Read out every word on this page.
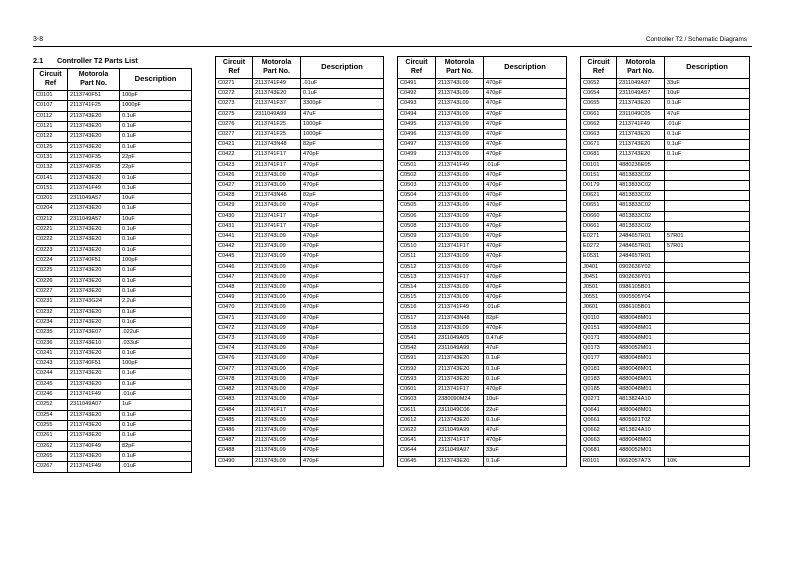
3-8	Controller T2 / Schematic Diagrams
2.1 Controller T2 Parts List
Circuit
Ref	Motorola
Part No.	Description
C0101	2113740F51	100pF
C0107	2113741F25	1000pF
C0112	2113743E20	0.1uF
C0121	2113743E20	0.1uF
C0122	2113743E20	0.1uF
C0125	2113743E20	0.1uF
C0131	2113740F35	22pF
C0132	2113740F35	22pF
C0141	2113743E20	0.1uF
C0151	2113741F49	0.1uF
C0201	2311049A57	10uF
C0204	2113743E20	0.1uF
C0212	2311049A57	10uF
C0221	2113743E20	0.1uF
C0222	2113743E20	0.1uF
C0223	2113743E20	0.1uF
C0224	2113740F51	100pF
C0225	2113743E20	0.1uF
C0226	2113743E20	0.1uF
C0227	2113743E20	0.1uF
C0231	2113743G24	2.2uF
C0232	2113743E20	0.1uF
C0234	2113743E20	0.1uF
C0235	2113743E07	.022uF
C0236	2113743E10	.033uF
C0241	2113743E20	0.1uF
C0243	2113740F51	100pF
C0244	2113743E20	0.1uF
C0245	2113743E20	0.1uF
C0246	2113741F49	.01uF
C0252	2311049A07	1uF
C0254	2113743E20	0.1uF
C0255	2113743E20	0.1uF
C0261	2113743E20	0.1uF
C0262	2113740F49	82pF
C0265	2113743E20	0.1uF
C0267	2113741F49	.01uF
Circuit
Ref	Motorola
Part No.	Description
C0271	2113741F49	.01uF
C0272	2113743E20	0.1uF
C0273	2113741F37	3300pF
C0275	2311049A99	47uF
C0276	2113741F25	1000pF
C0277	2113741F25	1000pF
C0421	2113743N48	82pF
C0422	2113741F17	470pF
C0423	2113741F17	470pF
C0426	2113743L09	470pF
C0427	2113743L09	470pF
C0428	2113743N48	82pF
C0429	2113743L09	470pF
C0430	2113741F17	470pF
C0431	2113741F17	470pF
C0441	2113743L09	470pF
C0442	2113743L09	470pF
C0445	2113743L09	470pF
C0446	2113743L09	470pF
C0447	2113743L09	470pF
C0448	2113743L09	470pF
C0449	2113743L09	470pF
C0470	2113743L09	470pF
C0471	2113743L09	470pF
C0472	2113743L09	470pF
C0473	2113743L09	470pF
C0474	2113743L09	470pF
C0476	2113743L09	470pF
C0477	2113743L09	470pF
C0478	2113743L09	470pF
C0482	2113743L09	470pF
C0483	2113743L09	470pF
C0484	2113741F17	470pF
C0485	2113743L09	470pF
C0486	2113743L09	470pF
C0487	2113743L09	470pF
C0488	2113743L09	470pF
C0490	2113743L09	470pF
Circuit
Ref	Motorola
Part No.	Description
C0491	2113743L09	470pF
C0492	2113743L09	470pF
C0493	2113743L09	470pF
C0494	2113743L09	470pF
C0495	2113743L09	470pF
C0496	2113743L09	470pF
C0497	2113743L09	470pF
C0499	2113743L09	470pF
C0501	2113741F49	.01uF
C0502	2113743L09	470pF
C0503	2113743L09	470pF
C0504	2113743L09	470pF
C0505	2113743L09	470pF
C0506	2113743L09	470pF
C0508	2113743L09	470pF
C0509	2113743L09	470pF
C0510	2113741F17	470pF
C0511	2113743L09	470pF
C0512	2113743L09	470pF
C0513	2113741F17	470pF
C0514	2113743L09	470pF
C0515	2113743L09	470pF
C0516	2113741F49	.01uF
C0517	2113743N48	82pF
C0518	2113743L09	470pF
C0541	2311049A05	0.47uF
C0542	2311049A99	47uF
C0591	2113743E20	0.1uF
C0592	2113743E20	0.1uF
C0593	2113743E20	0.1uF
C0601	2113741F17	470pF
C0603	2380090M24	10uF
C0611	2311049C06	22uF
C0612	2113743E20	0.1uF
C0622	2311049A99	47uF
C0641	2113741F17	470pF
C0644	2311049A97	33uF
C0645	2113743E20	0.1uF
Circuit
Ref	Motorola
Part No.	Description
C0652	2311049A97	33uF
C0654	2311049A57	10uF
C0655	2113743E20	0.1uF
C0661	2311049C05	47uF
C0662	2113741F49	.01uF
C0663	2113743E20	0.1uF
C0671	2113743E20	0.1uF
C0681	2113743E20	0.1uF
D0101	4880236E05	
D0151	4813833C02	
D0179	4813833C02	
D0621	4813833C02	
D0651	4813833C02	
D0660	4813833C02	
D0661	4813833C02	
E0271	2484657R01	57R01
E0272	2484657R01	57R01
E0531	2484657R01	
J0401	0902636Y02	
J0451	0902636Y01	
J0501	0986105B01	
J0551	0905505Y04	
J0601	0986105B01	
Q0110	4880048M01	
Q0151	4880048M01	
Q0171	4880048M01	
Q0173	4880052M01	
Q0177	4880048M01	
Q0181	4880048M01	
Q0183	4880048M01	
Q0185	4880048M01	
Q0271	4813824A10	
Q0641	4880048M01	
Q0661	4805921T02	
Q0662	4813824A10	
Q0663	4880048M01	
Q0681	4880052M01	
R0101	0662057A73	10K
